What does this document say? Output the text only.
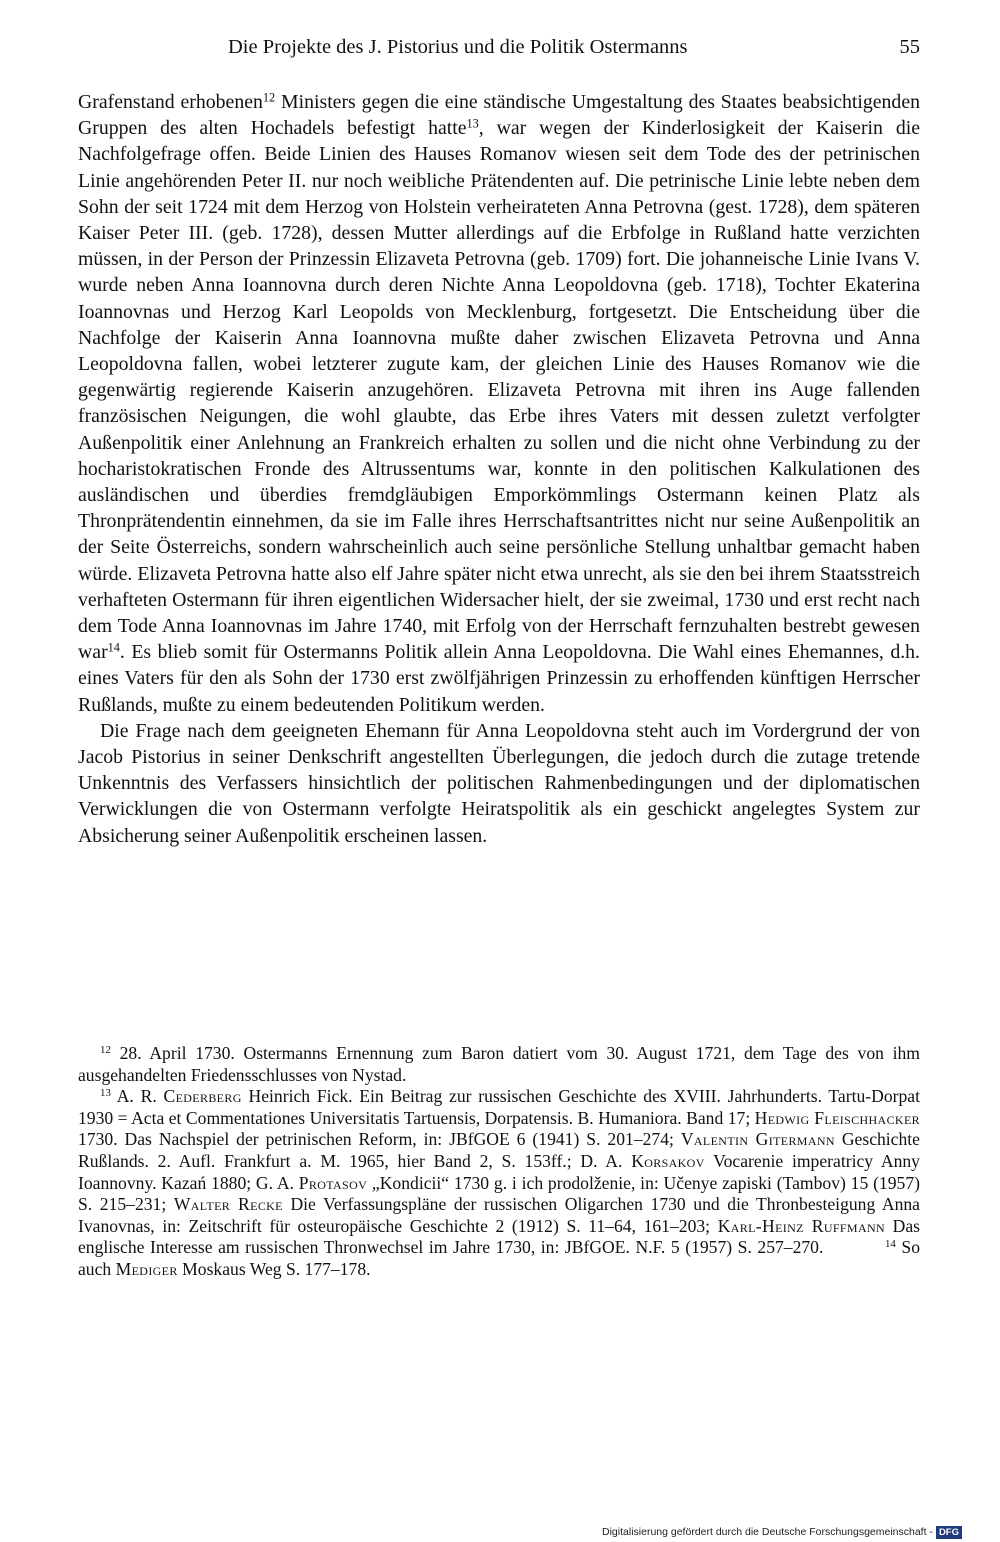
Die Projekte des J. Pistorius und die Politik Ostermanns	55

Grafenstand erhobenen$^{12}$ Ministers gegen die eine ständische Umgestaltung des Staates beabsichtigenden Gruppen des alten Hochadels befestigt hatte$^{13}$, war wegen der Kinderlosigkeit der Kaiserin die Nachfolgefrage offen. Beide Linien des Hauses Romanov wiesen seit dem Tode des der petrinischen Linie angehörenden Peter II. nur noch weibliche Prätendenten auf. Die petrinische Linie lebte neben dem Sohn der seit 1724 mit dem Herzog von Holstein verheirateten Anna Petrovna (gest. 1728), dem späteren Kaiser Peter III. (geb. 1728), dessen Mutter allerdings auf die Erbfolge in Rußland hatte verzichten müssen, in der Person der Prinzessin Elizaveta Petrovna (geb. 1709) fort. Die johanneische Linie Ivans V. wurde neben Anna Ioannovna durch deren Nichte Anna Leopoldovna (geb. 1718), Tochter Ekaterina Ioannovnas und Herzog Karl Leopolds von Mecklenburg, fortgesetzt. Die Entscheidung über die Nachfolge der Kaiserin Anna Ioannovna mußte daher zwischen Elizaveta Petrovna und Anna Leopoldovna fallen, wobei letzterer zugute kam, der gleichen Linie des Hauses Romanov wie die gegenwärtig regierende Kaiserin anzugehören. Elizaveta Petrovna mit ihren ins Auge fallenden französischen Neigungen, die wohl glaubte, das Erbe ihres Vaters mit dessen zuletzt verfolgter Außenpolitik einer Anlehnung an Frankreich erhalten zu sollen und die nicht ohne Verbindung zu der hocharistokratischen Fronde des Altrussentums war, konnte in den politischen Kalkulationen des ausländischen und überdies fremdgläubigen Emporkömmlings Ostermann keinen Platz als Thronprätendentin einnehmen, da sie im Falle ihres Herrschaftsantrittes nicht nur seine Außenpolitik an der Seite Österreichs, sondern wahrscheinlich auch seine persönliche Stellung unhaltbar gemacht haben würde. Elizaveta Petrovna hatte also elf Jahre später nicht etwa unrecht, als sie den bei ihrem Staatsstreich verhafteten Ostermann für ihren eigentlichen Widersacher hielt, der sie zweimal, 1730 und erst recht nach dem Tode Anna Ioannovnas im Jahre 1740, mit Erfolg von der Herrschaft fernzuhalten bestrebt gewesen war$^{14}$. Es blieb somit für Ostermanns Politik allein Anna Leopoldovna. Die Wahl eines Ehemannes, d.h. eines Vaters für den als Sohn der 1730 erst zwölfjährigen Prinzessin zu erhoffenden künftigen Herrscher Rußlands, mußte zu einem bedeutenden Politikum werden.

Die Frage nach dem geeigneten Ehemann für Anna Leopoldovna steht auch im Vordergrund der von Jacob Pistorius in seiner Denkschrift angestellten Überlegungen, die jedoch durch die zutage tretende Unkenntnis des Verfassers hinsichtlich der politischen Rahmenbedingungen und der diplomatischen Verwicklungen die von Ostermann verfolgte Heiratspolitik als ein geschickt angelegtes System zur Absicherung seiner Außenpolitik erscheinen lassen.

$^{12}$ 28. April 1730. Ostermanns Ernennung zum Baron datiert vom 30. August 1721, dem Tage des von ihm ausgehandelten Friedensschlusses von Nystad.

$^{13}$ A. R. Cederberg Heinrich Fick. Ein Beitrag zur russischen Geschichte des XVIII. Jahrhunderts. Tartu-Dorpat 1930 = Acta et Commentationes Universitatis Tartuensis, Dorpatensis. B. Humaniora. Band 17; Hedwig Fleischhacker 1730. Das Nachspiel der petrinischen Reform, in: JBfGOE 6 (1941) S. 201–274; Valentin Gitermann Geschichte Rußlands. 2. Aufl. Frankfurt a. M. 1965, hier Band 2, S. 153ff.; D. A. Korsakov Vocarenie imperatricy Anny Ioannovny. Kazań 1880; G. A. Protasov „Kondicii“ 1730 g. i ich prodolženie, in: Učenye zapiski (Tambov) 15 (1957) S. 215–231; Walter Recke Die Verfassungspläne der russischen Oligarchen 1730 und die Thronbesteigung Anna Ivanovnas, in: Zeitschrift für osteuropäische Geschichte 2 (1912) S. 11–64, 161–203; Karl-Heinz Ruffmann Das englische Interesse am russischen Thronwechsel im Jahre 1730, in: JBfGOE. N.F. 5 (1957) S. 257–270.    	$^{14}$ So auch Mediger Moskaus Weg S. 177–178.

Digitalisierung gefördert durch die Deutsche Forschungsgemeinschaft - DFG
